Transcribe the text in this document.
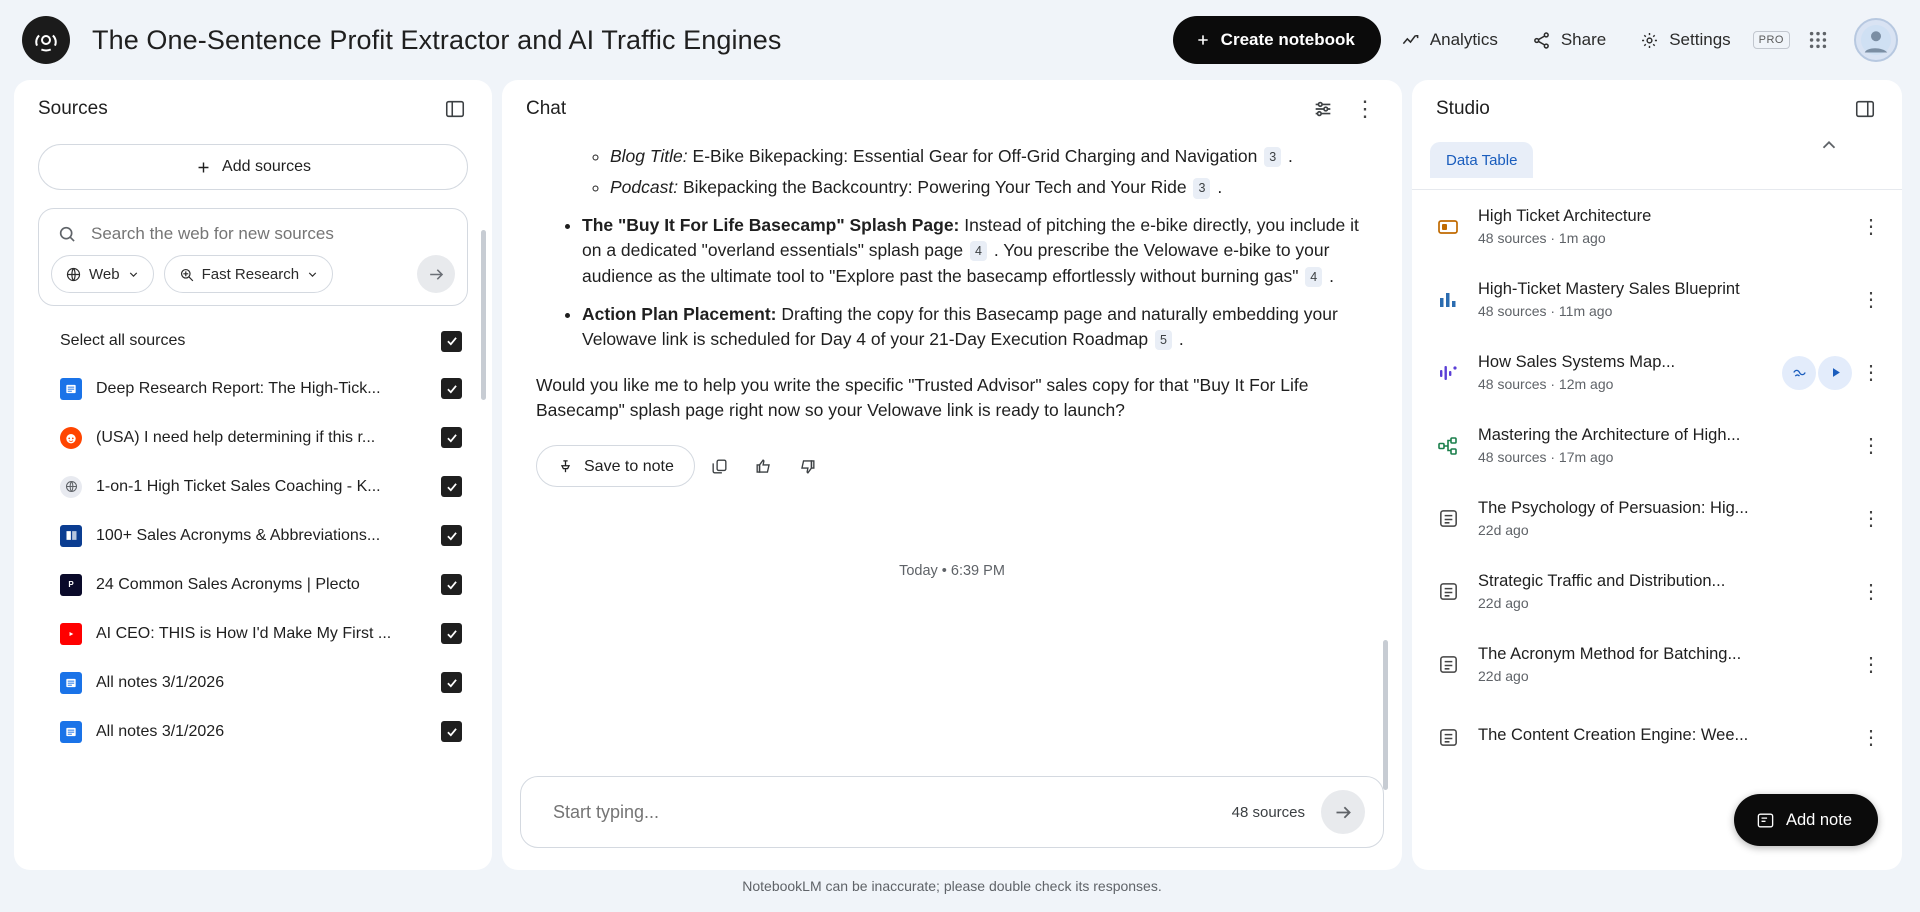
The One-Sentence Profit Extractor and AI Traffic Engines	Create notebook	Analytics	Share	Settings	PRO
Sources
Add sources
Search the web for new sources
Web	Fast Research
Select all sources
Deep Research Report: The High-Tick...
(USA) I need help determining if this r...
1-on-1 High Ticket Sales Coaching - K...
100+ Sales Acronyms & Abbreviations...
P	24 Common Sales Acronyms | Plecto
AI CEO: THIS is How I'd Make My First ...
All notes 3/1/2026
All notes 3/1/2026
Chat	⋮
◦ Blog Title: E-Bike Bikepacking: Essential Gear for Off-Grid Charging and Navigation 3 .
◦ Podcast: Bikepacking the Backcountry: Powering Your Tech and Your Ride 3 .
• The "Buy It For Life Basecamp" Splash Page: Instead of pitching the e-bike directly, you include it on a dedicated "overland essentials" splash page 4 . You prescribe the Velowave e-bike to your audience as the ultimate tool to "Explore past the basecamp effortlessly without burning gas" 4 .
• Action Plan Placement: Drafting the copy for this Basecamp page and naturally embedding your Velowave link is scheduled for Day 4 of your 21-Day Execution Roadmap 5 .
Would you like me to help you write the specific "Trusted Advisor" sales copy for that "Buy It For Life Basecamp" splash page right now so your Velowave link is ready to launch?
Save to note
Today • 6:39 PM
Start typing...
48 sources
NotebookLM can be inaccurate; please double check its responses.
Studio
Data Table
High Ticket Architecture
48 sources · 1m ago	⋮
High-Ticket Mastery Sales Blueprint
48 sources · 11m ago	⋮
How Sales Systems Map...
48 sources · 12m ago	⋮
Mastering the Architecture of High...
48 sources · 17m ago	⋮
The Psychology of Persuasion: Hig...
22d ago	⋮
Strategic Traffic and Distribution...
22d ago	⋮
The Acronym Method for Batching...
22d ago	⋮
The Content Creation Engine: Wee...	⋮
Add note
